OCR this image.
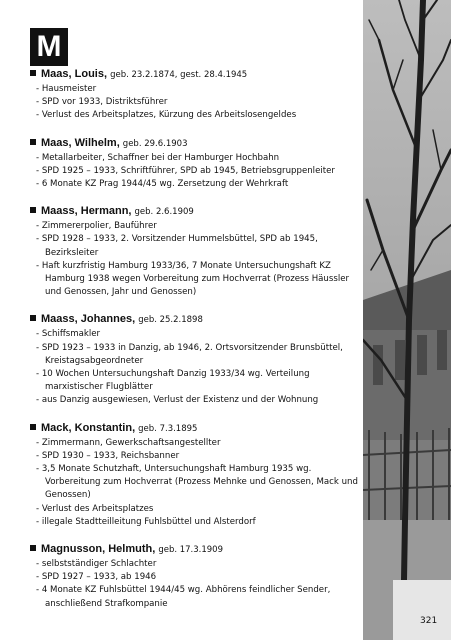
M
Maas, Louis, geb. 23.2.1874, gest. 28.4.1945
- Hausmeister
- SPD vor 1933, Distriktsführer
- Verlust des Arbeitsplatzes, Kürzung des Arbeitslosengeldes
Maas, Wilhelm, geb. 29.6.1903
- Metallarbeiter, Schaffner bei der Hamburger Hochbahn
- SPD 1925 – 1933, Schriftführer, SPD ab 1945, Betriebsgruppenleiter
- 6 Monate KZ Prag 1944/45 wg. Zersetzung der Wehrkraft
Maass, Hermann, geb. 2.6.1909
- Zimmererpolier, Bauführer
- SPD 1928 – 1933, 2. Vorsitzender Hummelsbüttel, SPD ab 1945, Bezirksleiter
- Haft kurzfristig Hamburg 1933/36, 7 Monate Untersuchungshaft KZ Hamburg 1938 wegen Vorbereitung zum Hochverrat (Prozess Häussler und Genossen, Jahr und Genossen)
Maass, Johannes, geb. 25.2.1898
- Schiffsmakler
- SPD 1923 – 1933 in Danzig, ab 1946, 2. Ortsvorsitzender Brunsbüttel, Kreistagsabgeordneter
- 10 Wochen Untersuchungshaft Danzig 1933/34 wg. Verteilung marxistischer Flugblätter
- aus Danzig ausgewiesen, Verlust der Existenz und der Wohnung
Mack, Konstantin, geb. 7.3.1895
- Zimmermann, Gewerkschaftsangestellter
- SPD 1930 – 1933, Reichsbanner
- 3,5 Monate Schutzhaft, Untersuchungshaft Hamburg 1935 wg. Vorbereitung zum Hochverrat (Prozess Mehnke und Genossen, Mack und Genossen)
- Verlust des Arbeitsplatzes
- illegale Stadtteilleitung Fuhlsbüttel und Alsterdorf
Magnusson, Helmuth, geb. 17.3.1909
- selbstständiger Schlachter
- SPD 1927 – 1933, ab 1946
- 4 Monate KZ Fuhlsbüttel 1944/45 wg. Abhörens feindlicher Sender, anschließend Strafkompanie
321
